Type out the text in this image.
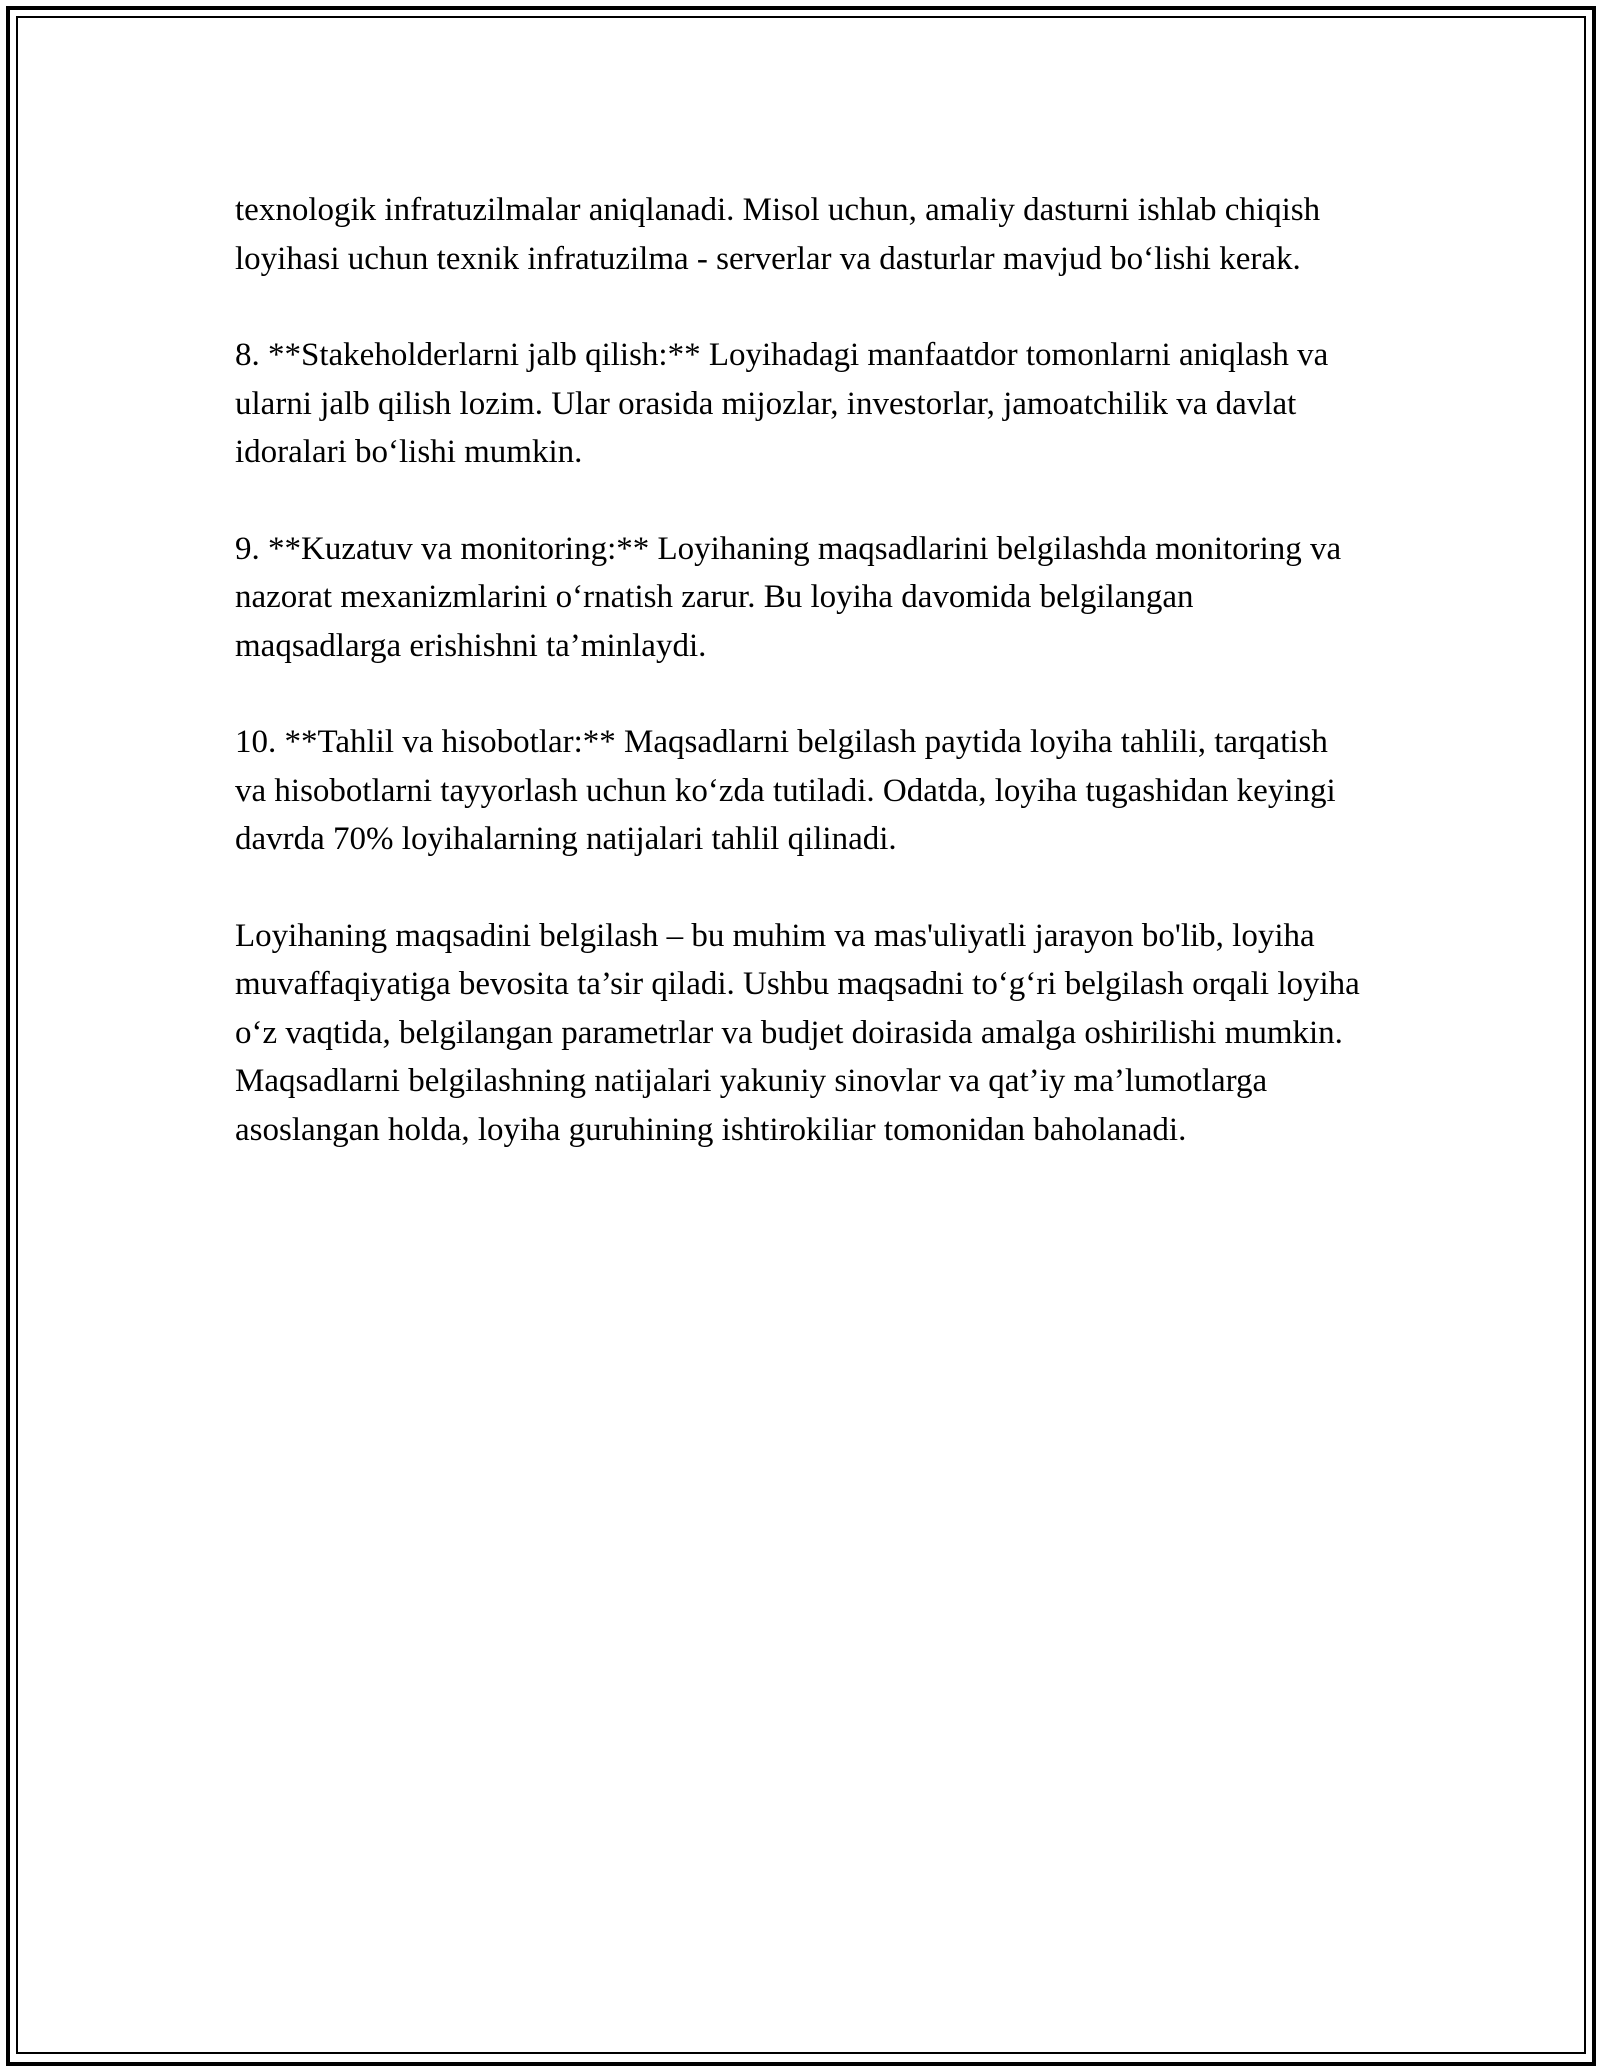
texnologik infratuzilmalar aniqlanadi. Misol uchun, amaliy dasturni ishlab chiqish loyihasi uchun texnik infratuzilma - serverlar va dasturlar mavjud bo‘lishi kerak.

8. **Stakeholderlarni jalb qilish:** Loyihadagi manfaatdor tomonlarni aniqlash va ularni jalb qilish lozim. Ular orasida mijozlar, investorlar, jamoatchilik va davlat idoralari bo‘lishi mumkin.

9. **Kuzatuv va monitoring:** Loyihaning maqsadlarini belgilashda monitoring va nazorat mexanizmlarini o‘rnatish zarur. Bu loyiha davomida belgilangan maqsadlarga erishishni ta’minlaydi.

10. **Tahlil va hisobotlar:** Maqsadlarni belgilash paytida loyiha tahlili, tarqatish va hisobotlarni tayyorlash uchun ko‘zda tutiladi. Odatda, loyiha tugashidan keyingi davrda 70% loyihalarning natijalari tahlil qilinadi.

Loyihaning maqsadini belgilash – bu muhim va mas'uliyatli jarayon bo'lib, loyiha muvaffaqiyatiga bevosita ta’sir qiladi. Ushbu maqsadni to‘g‘ri belgilash orqali loyiha o‘z vaqtida, belgilangan parametrlar va budjet doirasida amalga oshirilishi mumkin. Maqsadlarni belgilashning natijalari yakuniy sinovlar va qat’iy ma’lumotlarga asoslangan holda, loyiha guruhining ishtirokiliar tomonidan baholanadi.
